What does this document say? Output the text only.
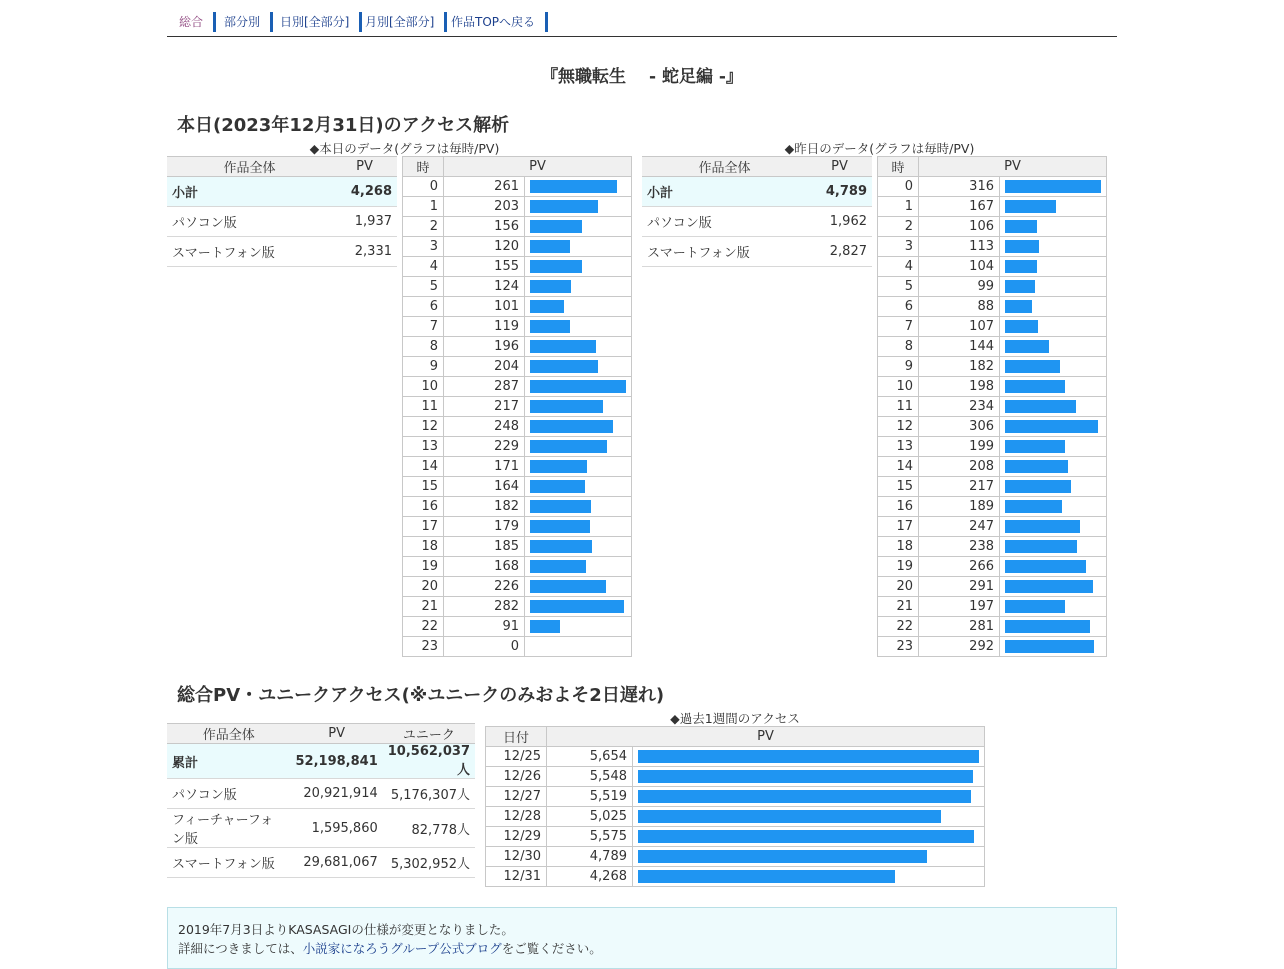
総合	部分別	日別[全部分]	月別[全部分]	作品TOPへ戻る
『無職転生　 - 蛇足編 -』
本日(2023年12月31日)のアクセス解析
◆本日のデータ(グラフは毎時/PV)
作品全体	PV
小計	4,268
パソコン版	1,937
スマートフォン版	2,331
時	PV	
0	261	

1	203	

2	156	

3	120	

4	155	

5	124	

6	101	

7	119	

8	196	

9	204	

10	287	

11	217	

12	248	

13	229	

14	171	

15	164	

16	182	

17	179	

18	185	

19	168	

20	226	

21	282	

22	91	

23	0	
◆昨日のデータ(グラフは毎時/PV)
作品全体	PV
小計	4,789
パソコン版	1,962
スマートフォン版	2,827
時	PV	
0	316	

1	167	

2	106	

3	113	

4	104	

5	99	

6	88	

7	107	

8	144	

9	182	

10	198	

11	234	

12	306	

13	199	

14	208	

15	217	

16	189	

17	247	

18	238	

19	266	

20	291	

21	197	

22	281	

23	292	
総合PV・ユニークアクセス(※ユニークのみおよそ2日遅れ)
作品全体	PV	ユニーク
累計	52,198,841	10,562,037人
パソコン版	20,921,914	5,176,307人
フィーチャーフォン版	1,595,860	82,778人
スマートフォン版	29,681,067	5,302,952人
◆過去1週間のアクセス
日付	PV	
12/25	5,654	

12/26	5,548	

12/27	5,519	

12/28	5,025	

12/29	5,575	

12/30	4,789	

12/31	4,268	

2019年7月3日よりKASASAGIの仕様が変更となりました。

詳細につきましては、小説家になろうグループ公式ブログをご覧ください。
